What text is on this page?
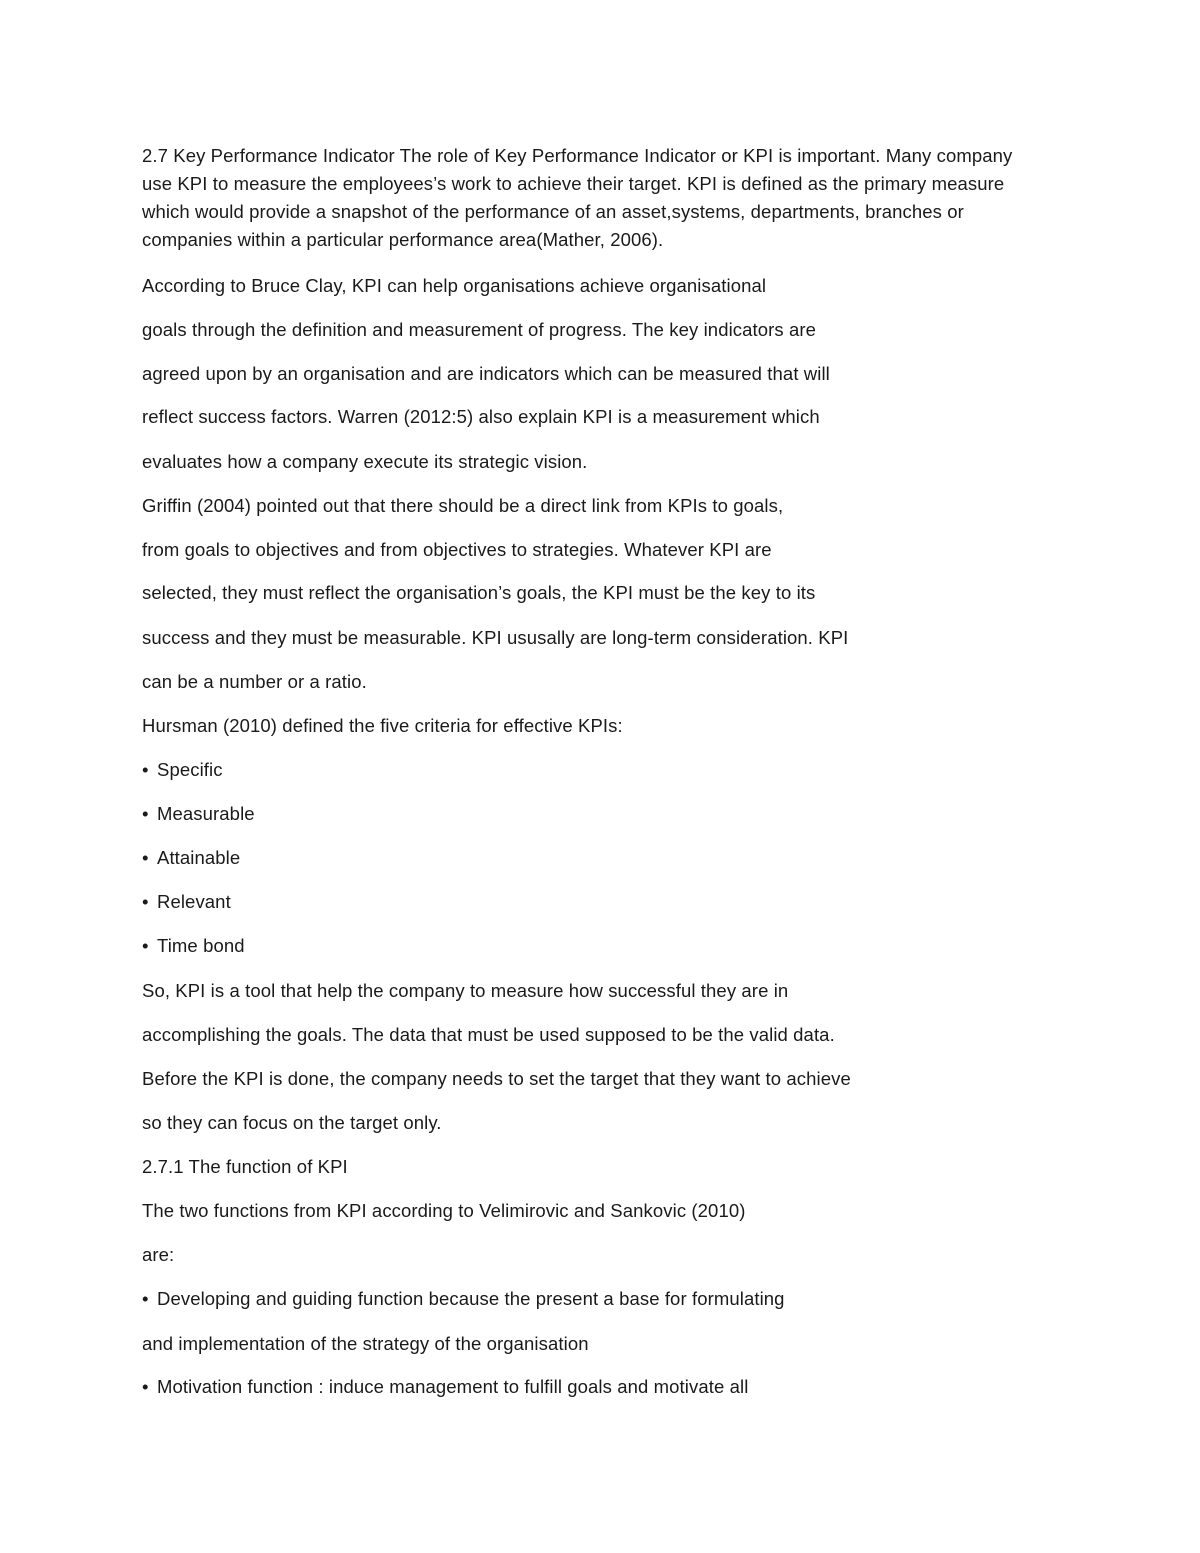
2.7 Key Performance Indicator The role of Key Performance Indicator or KPI is important. Many company
use KPI to measure the employees’s work to achieve their target. KPI is defined as the primary measure
which would provide a snapshot of the performance of an asset,systems, departments, branches or
companies within a particular performance area(Mather, 2006).
According to Bruce Clay, KPI can help organisations achieve organisational
goals through the definition and measurement of progress. The key indicators are
agreed upon by an organisation and are indicators which can be measured that will
reflect success factors. Warren (2012:5) also explain KPI is a measurement which
evaluates how a company execute its strategic vision.
Griffin (2004) pointed out that there should be a direct link from KPIs to goals,
from goals to objectives and from objectives to strategies. Whatever KPI are
selected, they must reflect the organisation’s goals, the KPI must be the key to its
success and they must be measurable. KPI ususally are long-term consideration. KPI
can be a number or a ratio.
Hursman (2010) defined the five criteria for effective KPIs:
• Specific
• Measurable
• Attainable
• Relevant
• Time bond
So, KPI is a tool that help the company to measure how successful they are in
accomplishing the goals. The data that must be used supposed to be the valid data.
Before the KPI is done, the company needs to set the target that they want to achieve
so they can focus on the target only.
2.7.1 The function of KPI
The two functions from KPI according to Velimirovic and Sankovic (2010)
are:
• Developing and guiding function because the present a base for formulating
and implementation of the strategy of the organisation
• Motivation function : induce management to fulfill goals and motivate all
